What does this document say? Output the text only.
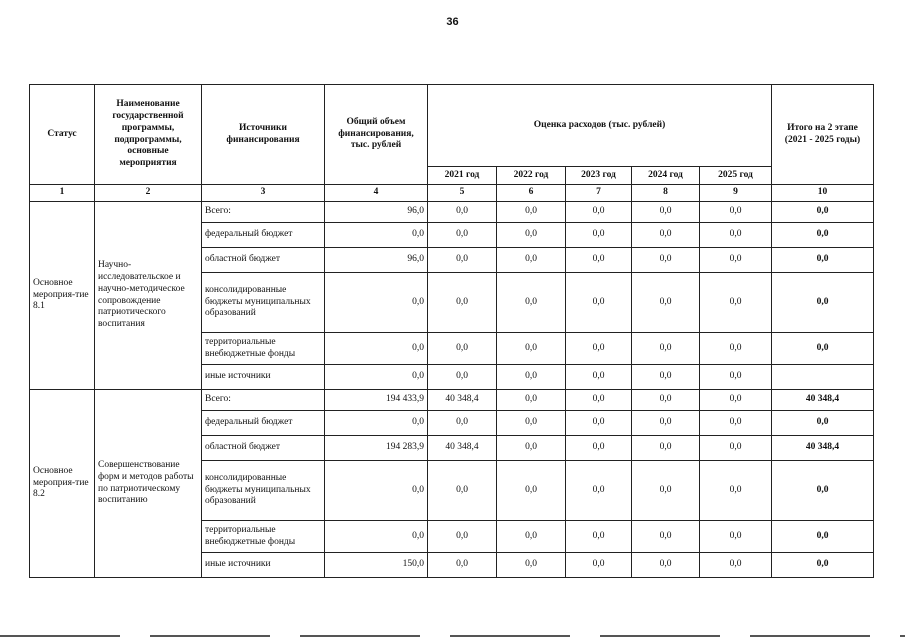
36
Статус	Наименование государственной программы, подпрограммы, основные мероприятия	Источники финансирования	Общий объем финансирования, тыс. рублей	Оценка расходов (тыс. рублей)					Итого на 2 этапе (2021 - 2025 годы)
				2021 год	2022 год	2023 год	2024 год	2025 год	
1	2	3	4	5	6	7	8	9	10
Основное мероприя-тие 8.1	Научно-исследовательское и научно-методическое сопровождение патриотического воспитания	Всего:	96,0	0,0	0,0	0,0	0,0	0,0	0,0
		федеральный бюджет	0,0	0,0	0,0	0,0	0,0	0,0	0,0
		областной бюджет	96,0	0,0	0,0	0,0	0,0	0,0	0,0
		консолидированные бюджеты муниципальных образований	0,0	0,0	0,0	0,0	0,0	0,0	0,0
		территориальные внебюджетные фонды	0,0	0,0	0,0	0,0	0,0	0,0	0,0
		иные источники	0,0	0,0	0,0	0,0	0,0	0,0	
Основное мероприя-тие 8.2	Совершенствование форм и методов работы по патриотическому воспитанию	Всего:	194 433,9	40 348,4	0,0	0,0	0,0	0,0	40 348,4
		федеральный бюджет	0,0	0,0	0,0	0,0	0,0	0,0	0,0
		областной бюджет	194 283,9	40 348,4	0,0	0,0	0,0	0,0	40 348,4
		консолидированные бюджеты муниципальных образований	0,0	0,0	0,0	0,0	0,0	0,0	0,0
		территориальные внебюджетные фонды	0,0	0,0	0,0	0,0	0,0	0,0	0,0
		иные источники	150,0	0,0	0,0	0,0	0,0	0,0	0,0
